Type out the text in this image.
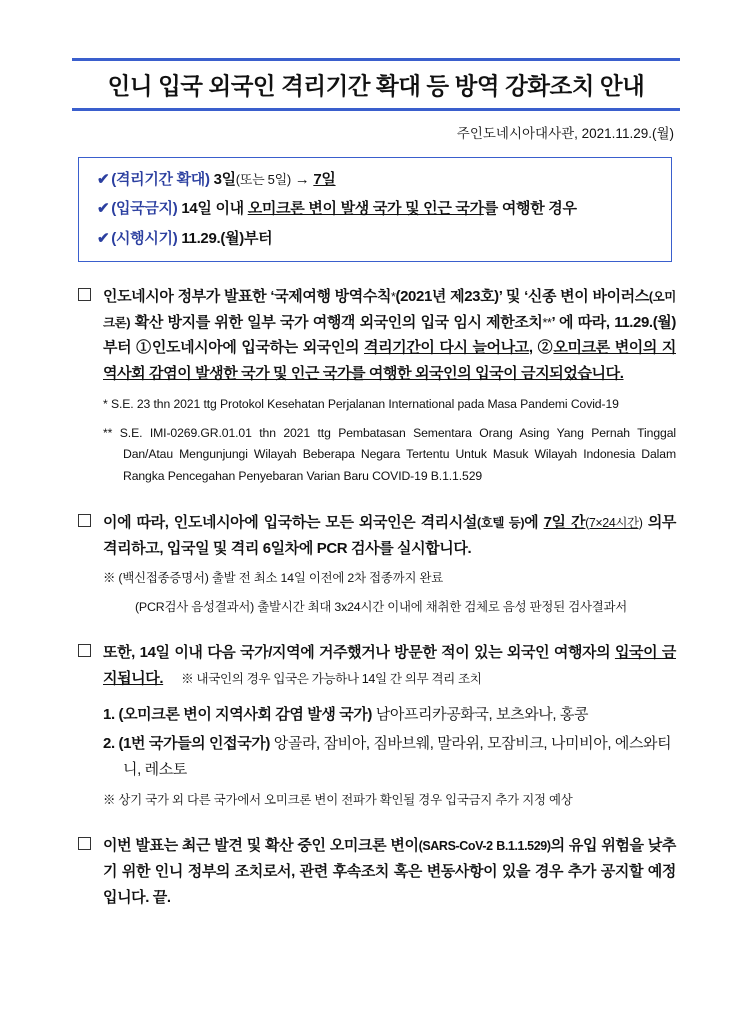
인니 입국 외국인 격리기간 확대 등 방역 강화조치 안내
주인도네시아대사관, 2021.11.29.(월)
✔ (격리기간 확대) 3일(또는 5일) → 7일
✔ (입국금지) 14일 이내 오미크론 변이 발생 국가 및 인근 국가를 여행한 경우
✔ (시행시기) 11.29.(월)부터
인도네시아 정부가 발표한 ‘국제여행 방역수칙*(2021년 제23호)’ 및 ‘신종 변이 바이러스(오미크론) 확산 방지를 위한 일부 국가 여행객 외국인의 입국 임시 제한조치**’ 에 따라, 11.29.(월)부터 ①인도네시아에 입국하는 외국인의 격리기간이 다시 늘어나고, ②오미크론 변이의 지역사회 감염이 발생한 국가 및 인근 국가를 여행한 외국인의 입국이 금지되었습니다.
* S.E. 23 thn 2021 ttg Protokol Kesehatan Perjalanan International pada Masa Pandemi Covid-19
** S.E. IMI-0269.GR.01.01 thn 2021 ttg Pembatasan Sementara Orang Asing Yang Pernah Tinggal Dan/Atau Mengunjungi Wilayah Beberapa Negara Tertentu Untuk Masuk Wilayah Indonesia Dalam Rangka Pencegahan Penyebaran Varian Baru COVID-19 B.1.1.529
이에 따라, 인도네시아에 입국하는 모든 외국인은 격리시설(호텔 등)에 7일 간(7×24시간) 의무 격리하고, 입국일 및 격리 6일차에 PCR 검사를 실시합니다.
※ (백신접종증명서) 출발 전 최소 14일 이전에 2차 접종까지 완료
(PCR검사 음성결과서) 출발시간 최대 3x24시간 이내에 채취한 검체로 음성 판정된 검사결과서
또한, 14일 이내 다음 국가/지역에 거주했거나 방문한 적이 있는 외국인 여행자의 입국이 금지됩니다. ※ 내국인의 경우 입국은 가능하나 14일 간 의무 격리 조치
1. (오미크론 변이 지역사회 감염 발생 국가) 남아프리카공화국, 보츠와나, 홍콩
2. (1번 국가들의 인접국가) 앙골라, 잠비아, 짐바브웨, 말라위, 모잠비크, 나미비아, 에스와티니, 레소토
※ 상기 국가 외 다른 국가에서 오미크론 변이 전파가 확인될 경우 입국금지 추가 지정 예상
이번 발표는 최근 발견 및 확산 중인 오미크론 변이(SARS-CoV-2 B.1.1.529)의 유입 위험을 낮추기 위한 인니 정부의 조치로서, 관련 후속조치 혹은 변동사항이 있을 경우 추가 공지할 예정입니다. 끝.
